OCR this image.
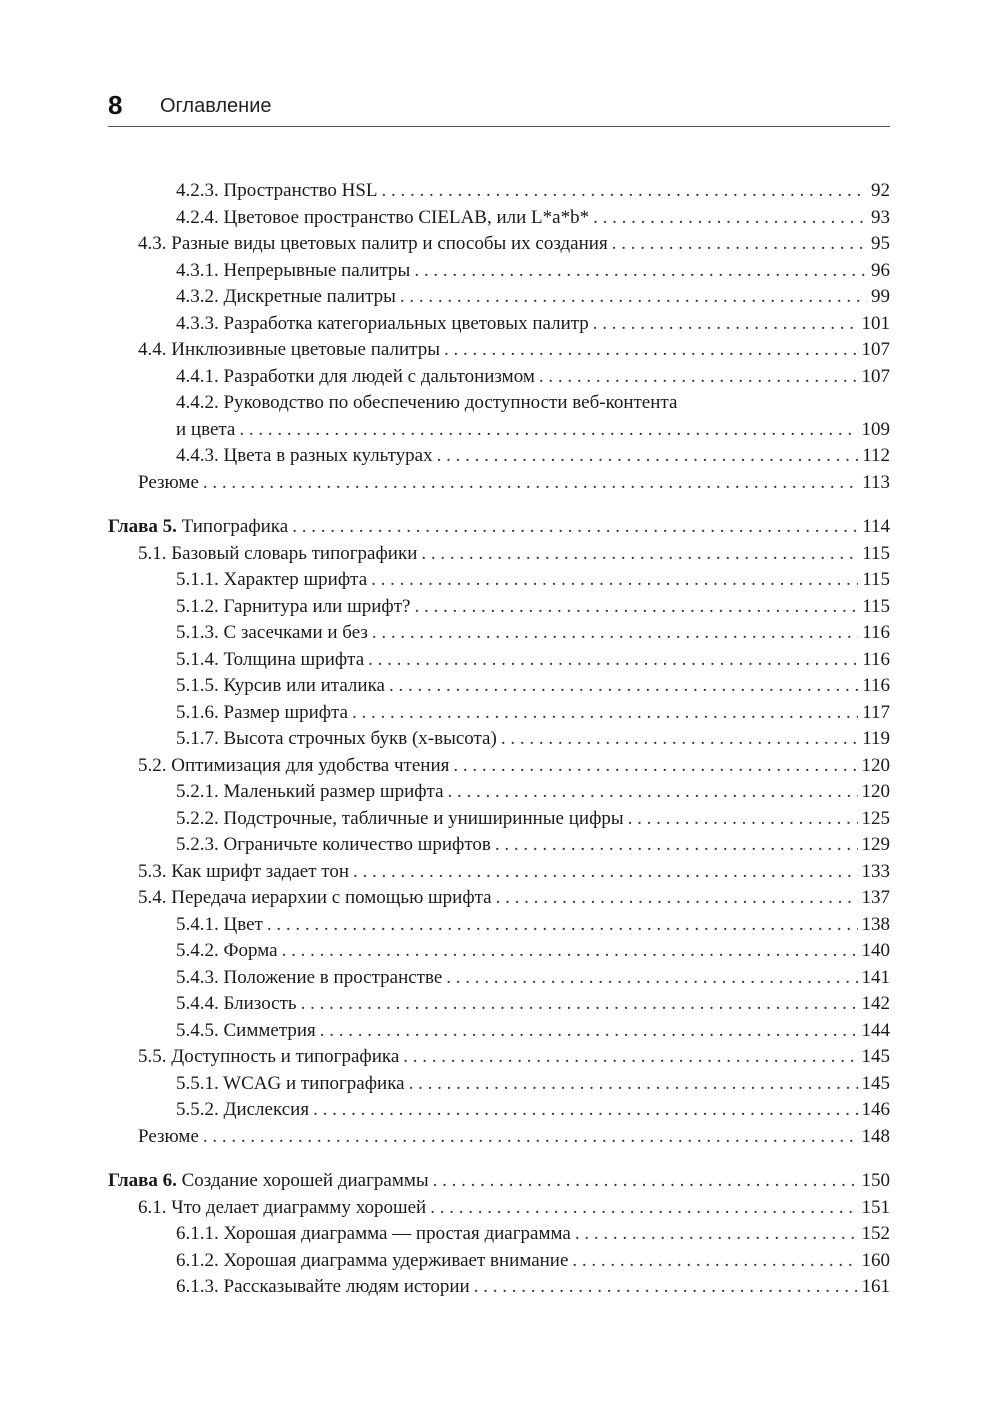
8 Оглавление
4.2.3. Пространство HSL . . .	92
4.2.4. Цветовое пространство CIELAB, или L*a*b* . . .	93
4.3. Разные виды цветовых палитр и способы их создания . . .	95
4.3.1. Непрерывные палитры . . .	96
4.3.2. Дискретные палитры . . .	99
4.3.3. Разработка категориальных цветовых палитр . . .	101
4.4. Инклюзивные цветовые палитры . . .	107
4.4.1. Разработки для людей с дальтонизмом . . .	107
4.4.2. Руководство по обеспечению доступности веб-контента
и цвета . . .	109
4.4.3. Цвета в разных культурах . . .	112
Резюме . . .	113
Глава 5. Типографика . . .	114
5.1. Базовый словарь типографики . . .	115
5.1.1. Характер шрифта . . .	115
5.1.2. Гарнитура или шрифт? . . .	115
5.1.3. С засечками и без . . .	116
5.1.4. Толщина шрифта . . .	116
5.1.5. Курсив или италика . . .	116
5.1.6. Размер шрифта . . .	117
5.1.7. Высота строчных букв (x-высота) . . .	119
5.2. Оптимизация для удобства чтения . . .	120
5.2.1. Маленький размер шрифта . . .	120
5.2.2. Подстрочные, табличные и униширинные цифры . . .	125
5.2.3. Ограничьте количество шрифтов . . .	129
5.3. Как шрифт задает тон . . .	133
5.4. Передача иерархии с помощью шрифта . . .	137
5.4.1. Цвет . . .	138
5.4.2. Форма . . .	140
5.4.3. Положение в пространстве . . .	141
5.4.4. Близость . . .	142
5.4.5. Симметрия . . .	144
5.5. Доступность и типографика . . .	145
5.5.1. WCAG и типографика . . .	145
5.5.2. Дислексия . . .	146
Резюме . . .	148
Глава 6. Создание хорошей диаграммы . . .	150
6.1. Что делает диаграмму хорошей . . .	151
6.1.1. Хорошая диаграмма — простая диаграмма . . .	152
6.1.2. Хорошая диаграмма удерживает внимание . . .	160
6.1.3. Рассказывайте людям истории . . .	161
